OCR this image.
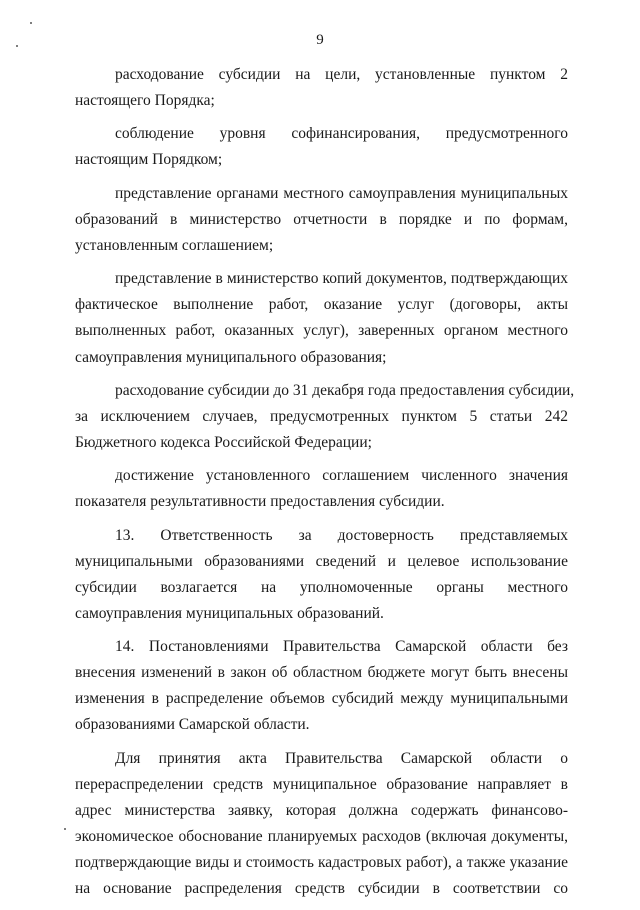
9

расходование субсидии на цели, установленные пунктом 2
настоящего Порядка;

соблюдение уровня софинансирования, предусмотренного
настоящим Порядком;

представление органами местного самоуправления муниципальных
образований в министерство отчетности в порядке и по формам,
установленным соглашением;

представление в министерство копий документов, подтверждающих
фактическое выполнение работ, оказание услуг (договоры, акты
выполненных работ, оказанных услуг), заверенных органом местного
самоуправления муниципального образования;

расходование субсидии до 31 декабря года предоставления субсидии,
за исключением случаев, предусмотренных пунктом 5 статьи 242
Бюджетного кодекса Российской Федерации;

достижение установленного соглашением численного значения
показателя результативности предоставления субсидии.

13. Ответственность за достоверность представляемых
муниципальными образованиями сведений и целевое использование
субсидии возлагается на уполномоченные органы местного
самоуправления муниципальных образований.

14. Постановлениями Правительства Самарской области без
внесения изменений в закон об областном бюджете могут быть внесены
изменения в распределение объемов субсидий между муниципальными
образованиями Самарской области.

Для принятия акта Правительства Самарской области о
перераспределении средств муниципальное образование направляет в
адрес министерства заявку, которая должна содержать финансово-
экономическое обоснование планируемых расходов (включая документы,
подтверждающие виды и стоимость кадастровых работ), а также указание
на основание распределения средств субсидии в соответствии со
